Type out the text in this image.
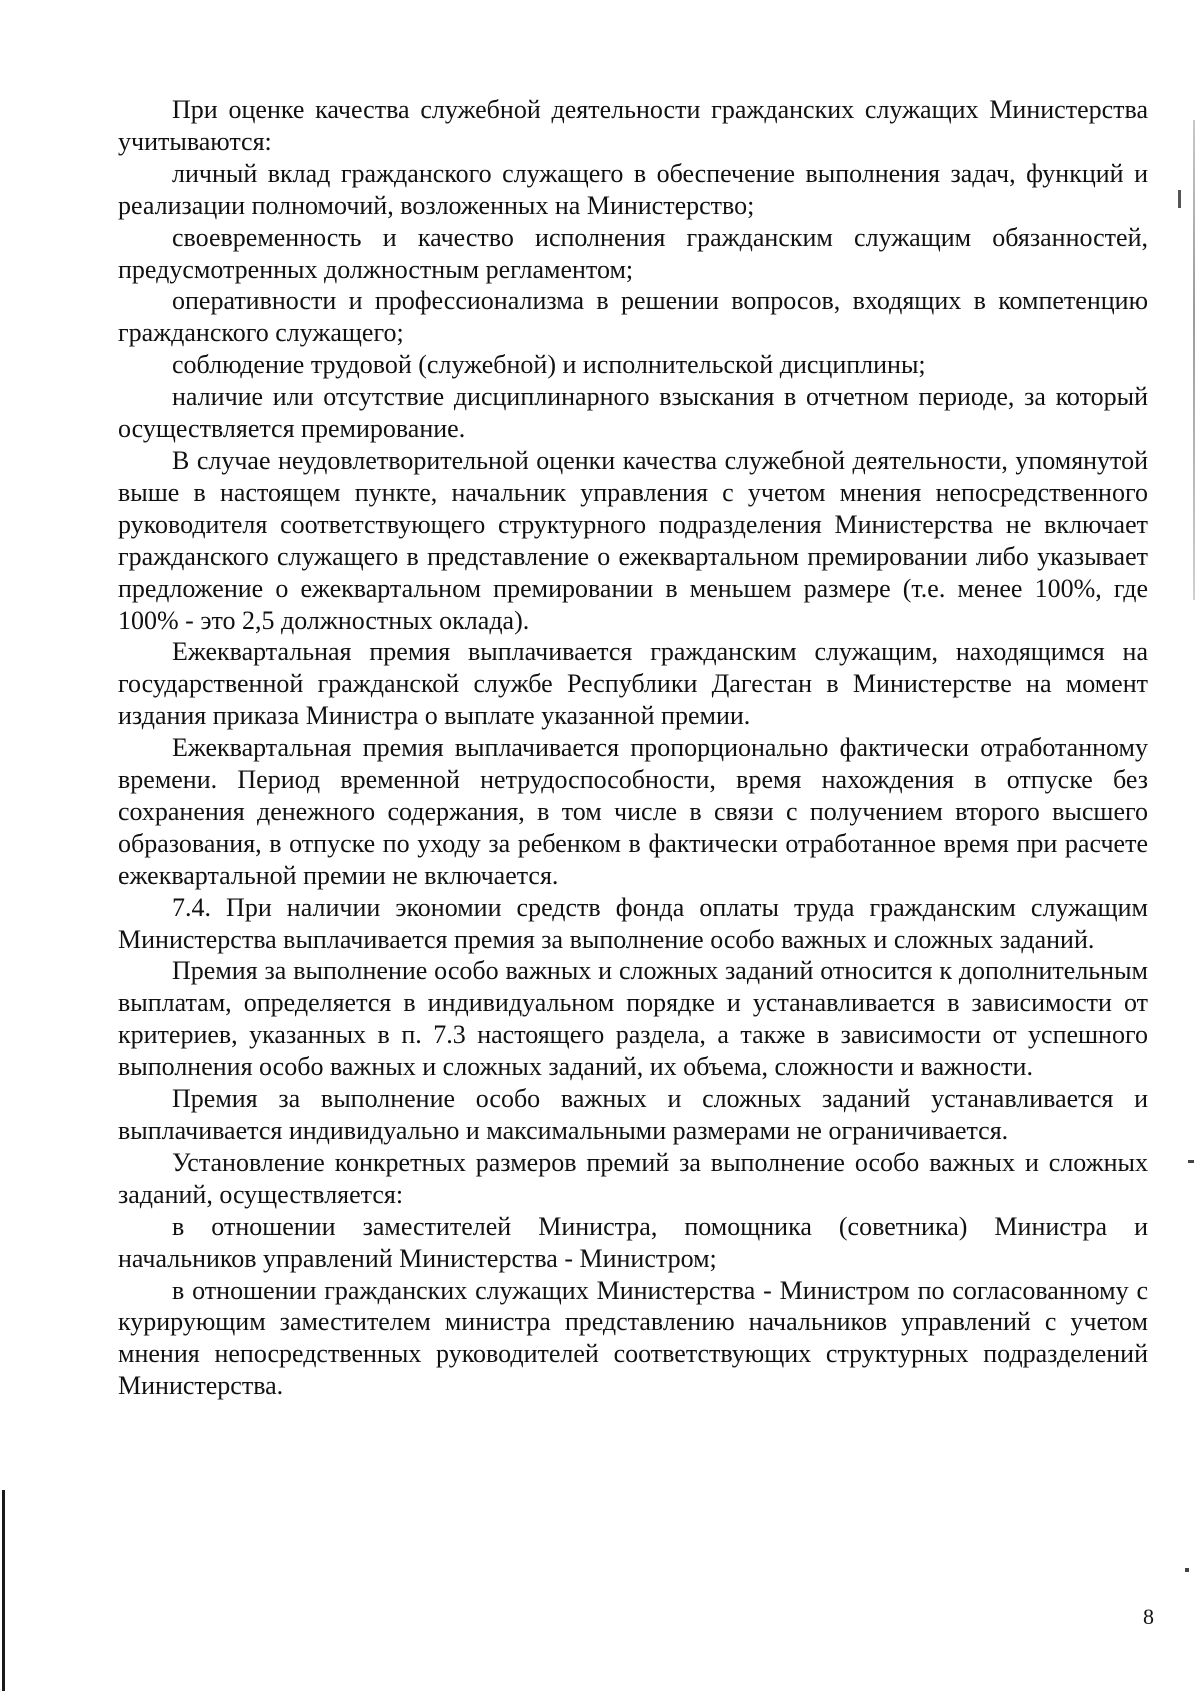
При оценке качества служебной деятельности гражданских служащих Министерства учитываются:

личный вклад гражданского служащего в обеспечение выполнения задач, функций и реализации полномочий, возложенных на Министерство;

своевременность и качество исполнения гражданским служащим обязанностей, предусмотренных должностным регламентом;

оперативности и профессионализма в решении вопросов, входящих в компетенцию гражданского служащего;

соблюдение трудовой (служебной) и исполнительской дисциплины;

наличие или отсутствие дисциплинарного взыскания в отчетном периоде, за который осуществляется премирование.

В случае неудовлетворительной оценки качества служебной деятельности, упомянутой выше в настоящем пункте, начальник управления с учетом мнения непосредственного руководителя соответствующего структурного подразделения Министерства не включает гражданского служащего в представление о ежеквартальном премировании либо указывает предложение о ежеквартальном премировании в меньшем размере (т.е. менее 100%, где 100% - это 2,5 должностных оклада).

Ежеквартальная премия выплачивается гражданским служащим, находящимся на государственной гражданской службе Республики Дагестан в Министерстве на момент издания приказа Министра о выплате указанной премии.

Ежеквартальная премия выплачивается пропорционально фактически отработанному времени. Период временной нетрудоспособности, время нахождения в отпуске без сохранения денежного содержания, в том числе в связи с получением второго высшего образования, в отпуске по уходу за ребенком в фактически отработанное время при расчете ежеквартальной премии не включается.

7.4. При наличии экономии средств фонда оплаты труда гражданским служащим Министерства выплачивается премия за выполнение особо важных и сложных заданий.

Премия за выполнение особо важных и сложных заданий относится к дополнительным выплатам, определяется в индивидуальном порядке и устанавливается в зависимости от критериев, указанных в п. 7.3 настоящего раздела, а также в зависимости от успешного выполнения особо важных и сложных заданий, их объема, сложности и важности.

Премия за выполнение особо важных и сложных заданий устанавливается и выплачивается индивидуально и максимальными размерами не ограничивается.

Установление конкретных размеров премий за выполнение особо важных и сложных заданий, осуществляется:

в отношении заместителей Министра, помощника (советника) Министра и начальников управлений Министерства - Министром;

в отношении гражданских служащих Министерства - Министром по согласованному с курирующим заместителем министра представлению начальников управлений с учетом мнения непосредственных руководителей соответствующих структурных подразделений Министерства.

8
